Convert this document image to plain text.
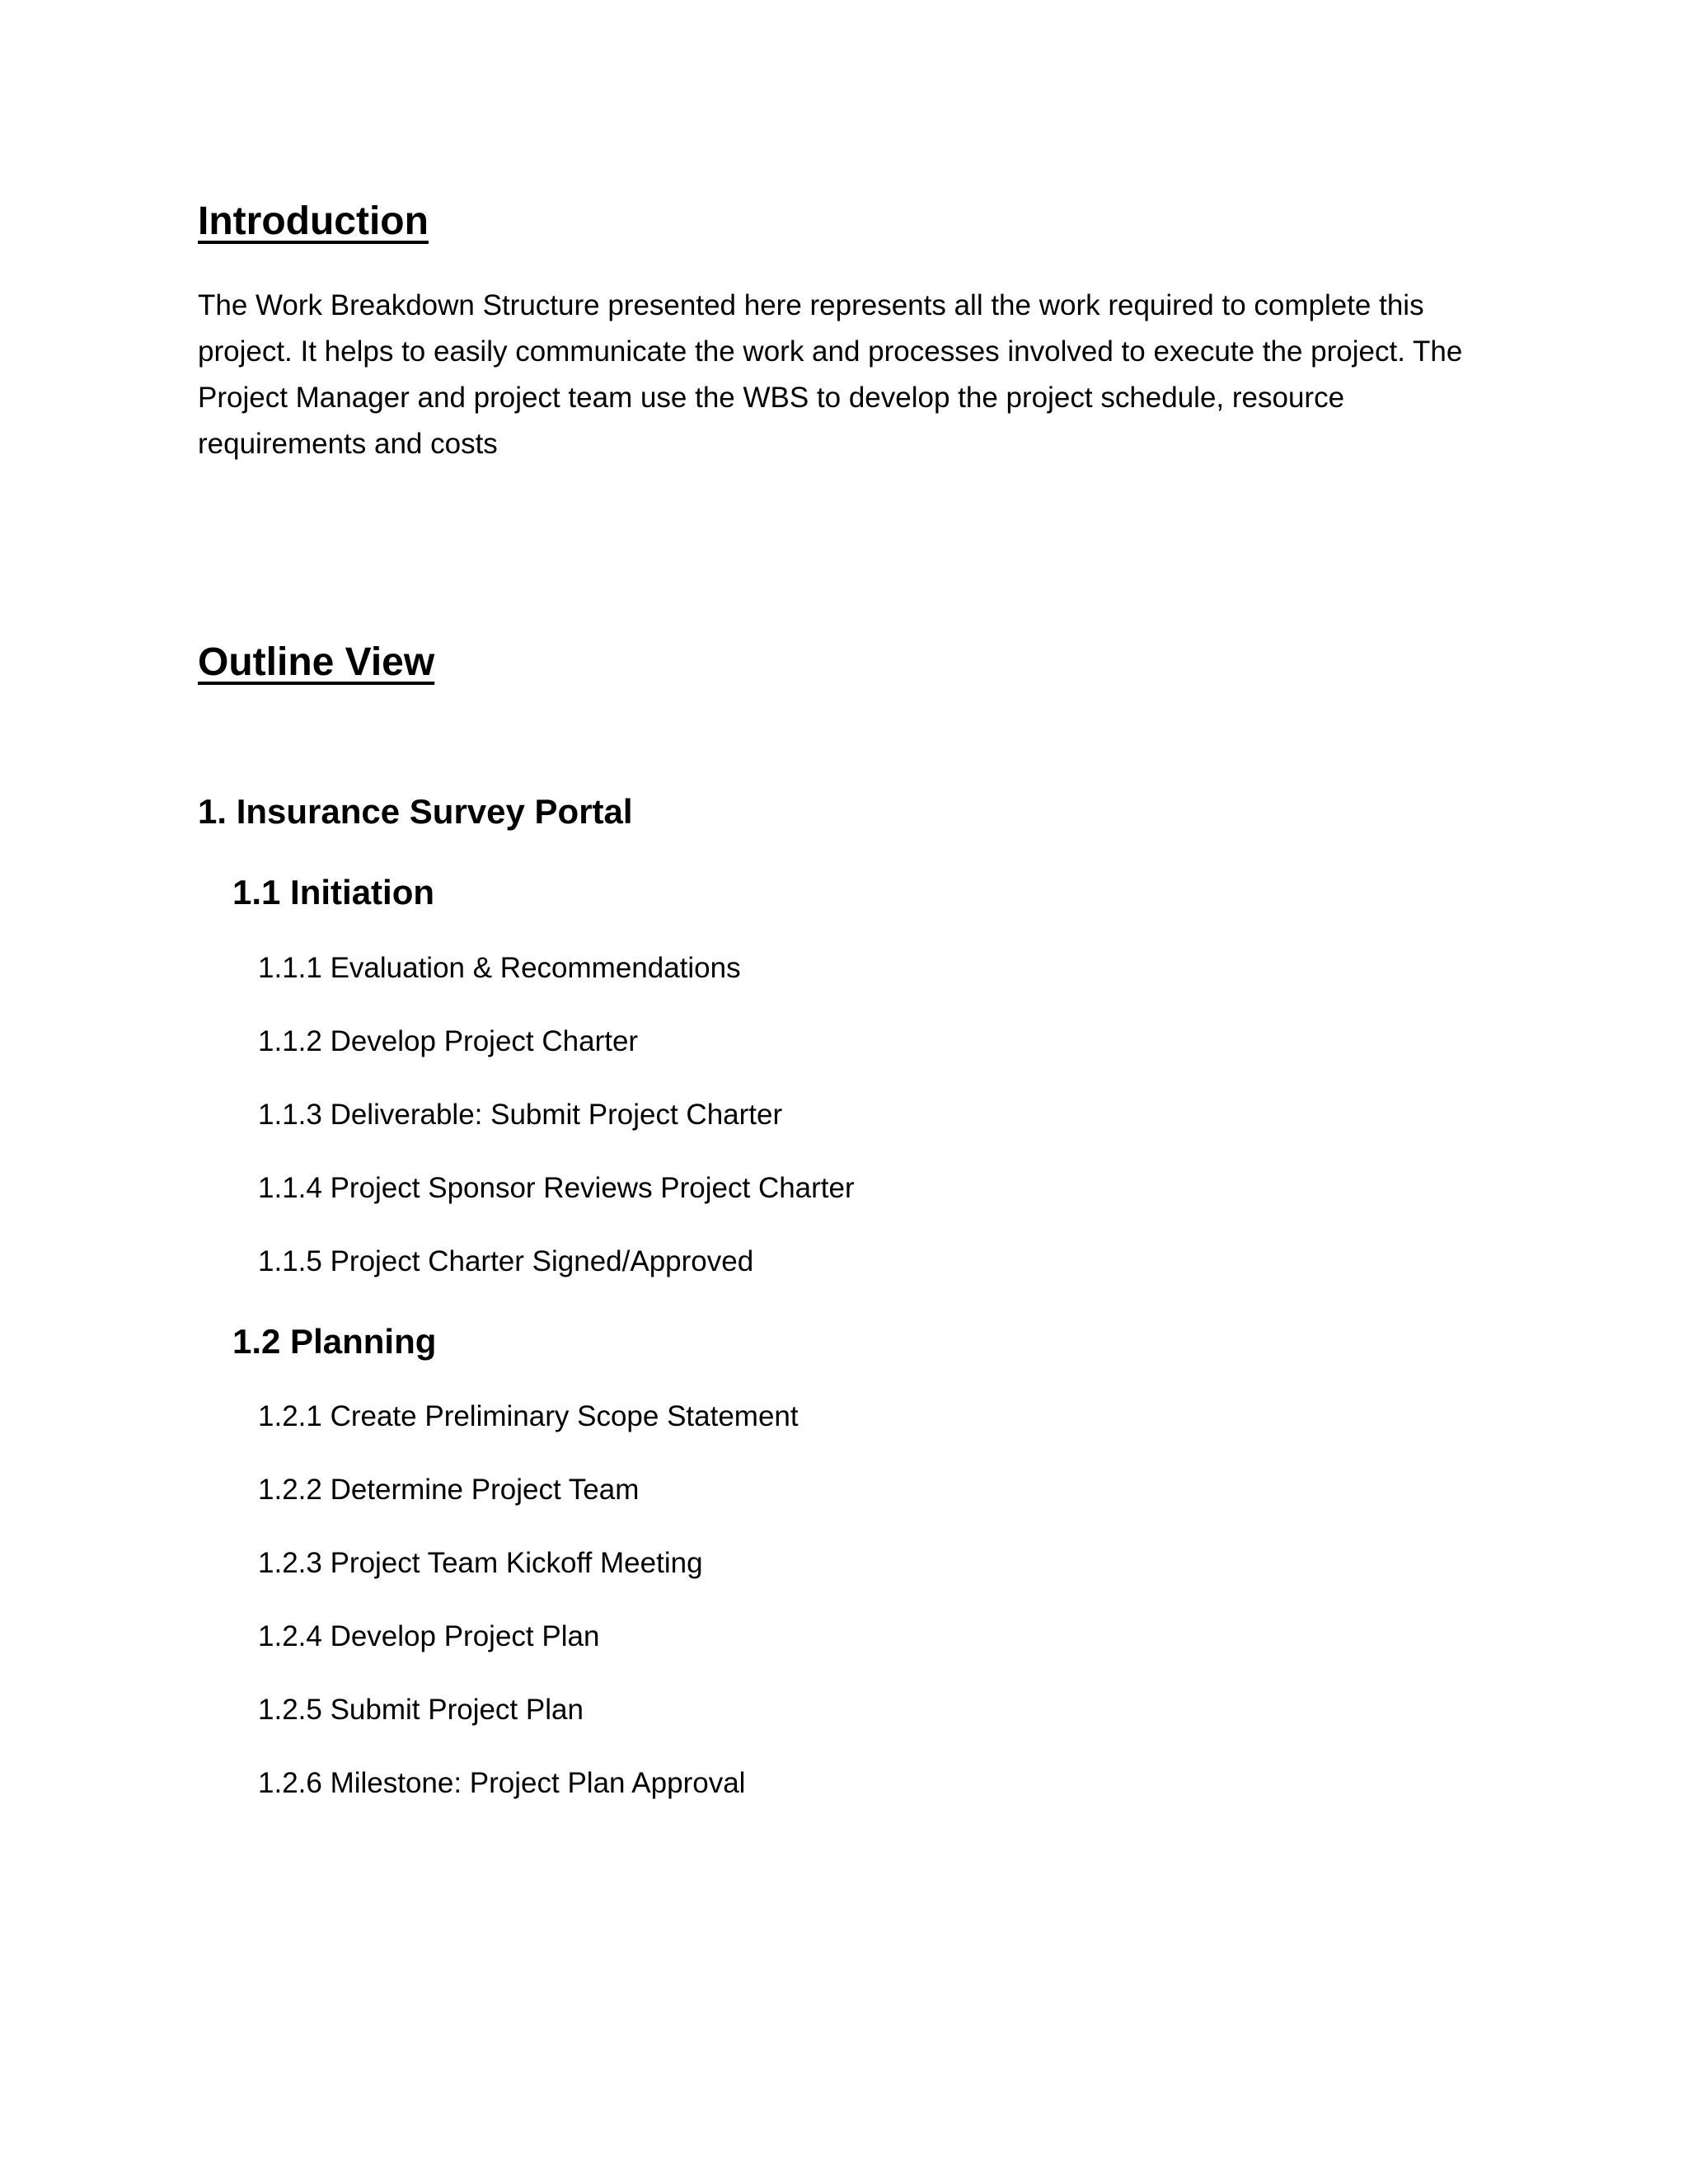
Introduction

The Work Breakdown Structure presented here represents all the work required to complete this project. It helps to easily communicate the work and processes involved to execute the project. The Project Manager and project team use the WBS to develop the project schedule, resource requirements and costs

Outline View
1. Insurance Survey Portal
1.1 Initiation
1.1.1 Evaluation & Recommendations
1.1.2 Develop Project Charter
1.1.3 Deliverable: Submit Project Charter
1.1.4 Project Sponsor Reviews Project Charter
1.1.5 Project Charter Signed/Approved
1.2 Planning
1.2.1 Create Preliminary Scope Statement
1.2.2 Determine Project Team
1.2.3 Project Team Kickoff Meeting
1.2.4 Develop Project Plan
1.2.5 Submit Project Plan
1.2.6 Milestone: Project Plan Approval
